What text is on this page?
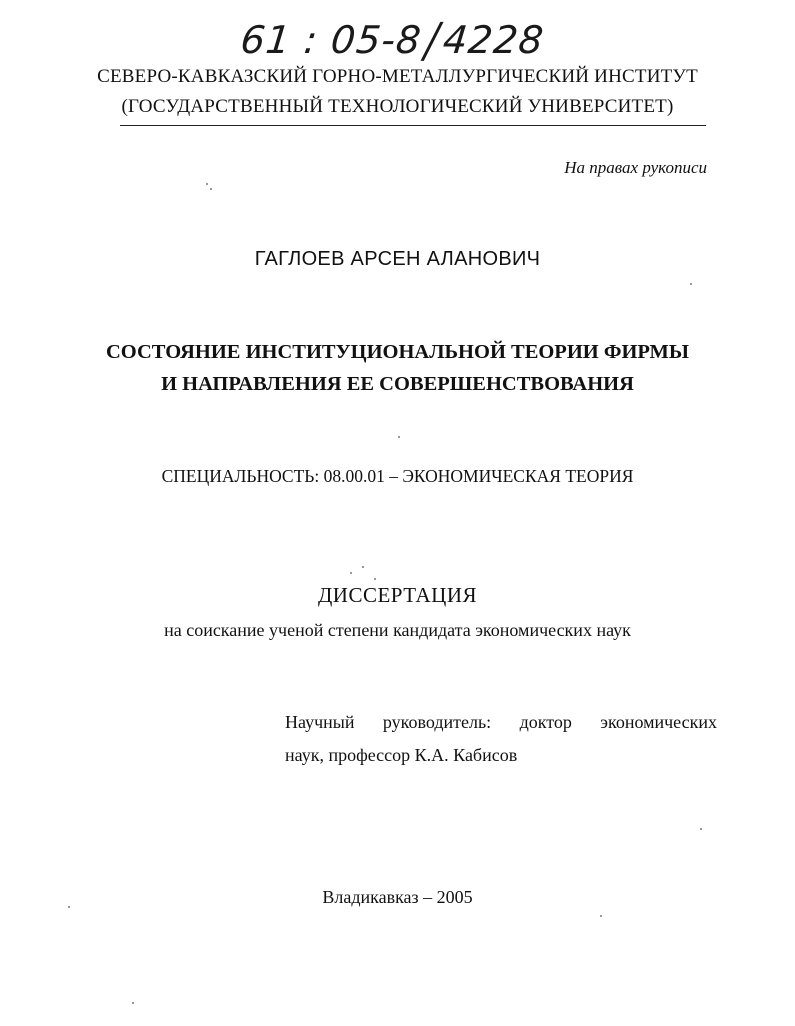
61 : 05-8/4228
СЕВЕРО-КАВКАЗСКИЙ ГОРНО-МЕТАЛЛУРГИЧЕСКИЙ ИНСТИТУТ
(ГОСУДАРСТВЕННЫЙ ТЕХНОЛОГИЧЕСКИЙ УНИВЕРСИТЕТ)
На правах рукописи
ГАГЛОЕВ АРСЕН АЛАНОВИЧ
СОСТОЯНИЕ ИНСТИТУЦИОНАЛЬНОЙ ТЕОРИИ ФИРМЫ
И НАПРАВЛЕНИЯ ЕЕ СОВЕРШЕНСТВОВАНИЯ
СПЕЦИАЛЬНОСТЬ: 08.00.01 – ЭКОНОМИЧЕСКАЯ ТЕОРИЯ
ДИССЕРТАЦИЯ
на соискание ученой степени кандидата экономических наук
Научный руководитель: доктор экономических
наук, профессор К.А. Кабисов
Владикавказ – 2005
